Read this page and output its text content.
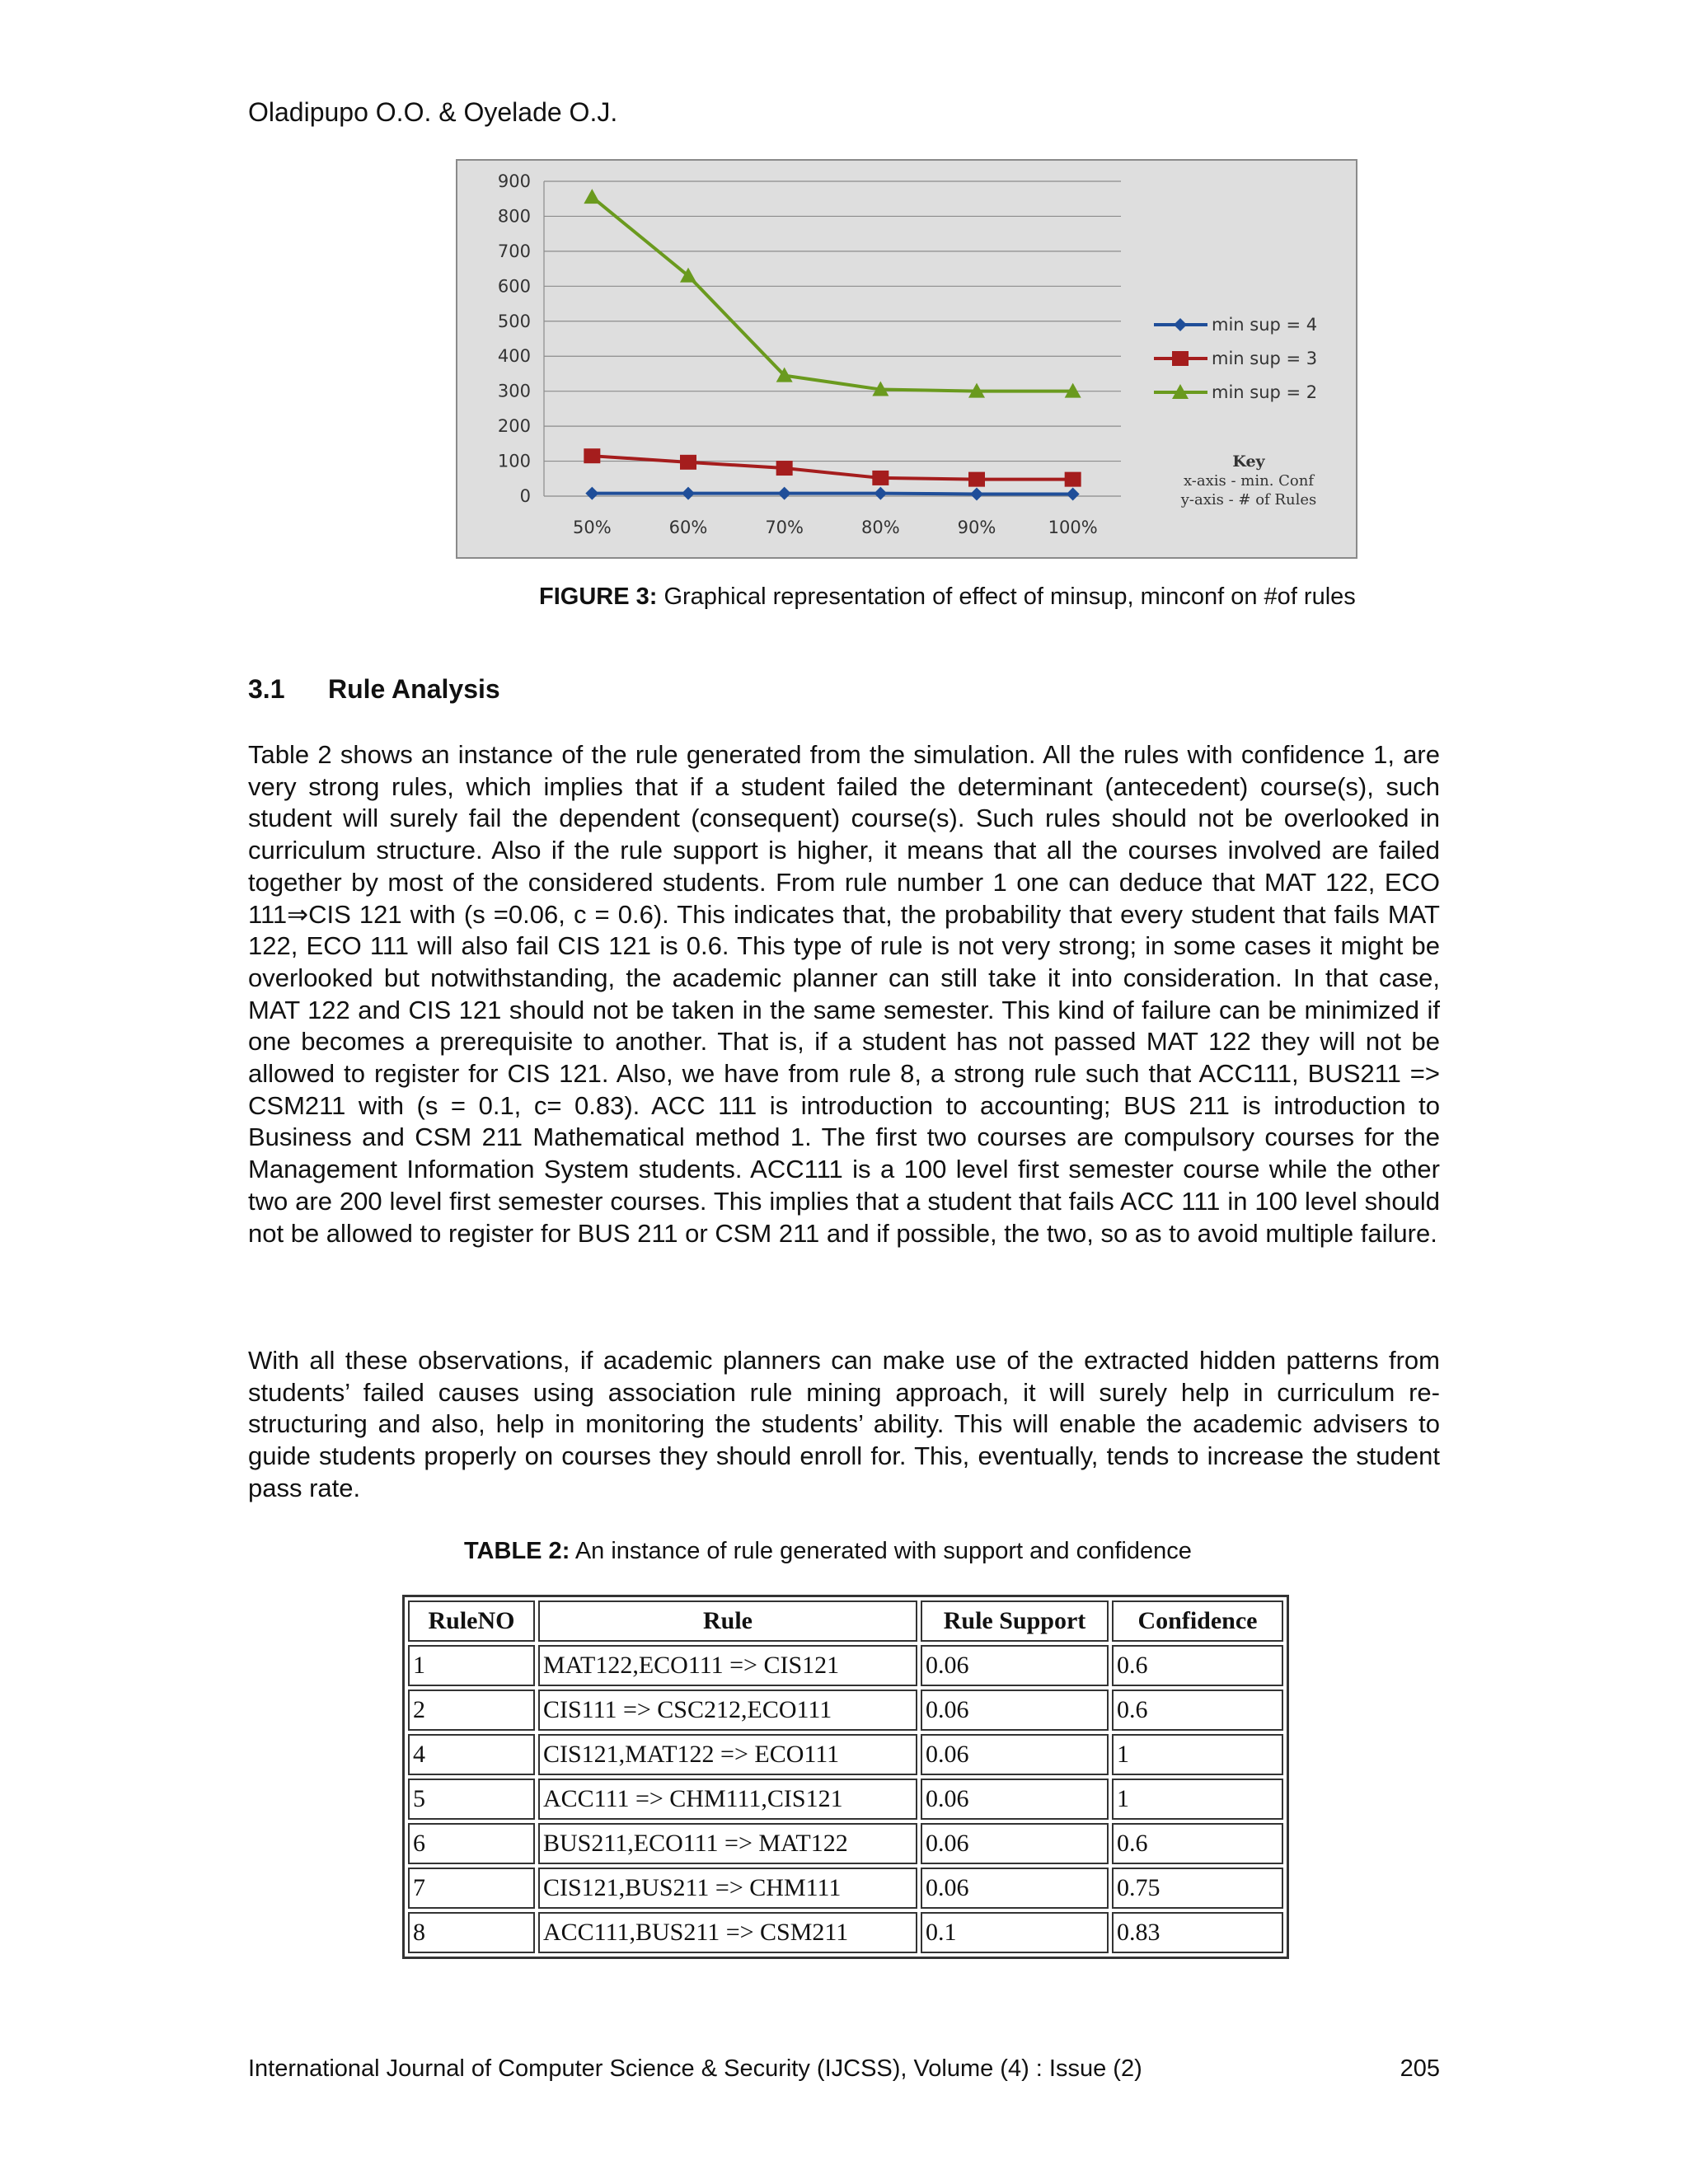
Oladipupo O.O. & Oyelade O.J.
900
800
700
600
500
400
300
200
100
0
50%	60%	70%	80%	90%	100%
min sup = 4
min sup = 3
min sup = 2
Key
x-axis - min. Conf
y-axis - # of Rules
FIGURE 3: Graphical representation of effect of minsup, minconf on #of rules
3.1 Rule Analysis

Table 2 shows an instance of the rule generated from the simulation. All the rules with confidence 1, are very strong rules, which implies that if a student failed the determinant (antecedent) course(s), such student will surely fail the dependent (consequent) course(s). Such rules should not be overlooked in curriculum structure. Also if the rule support is higher, it means that all the courses involved are failed together by most of the considered students. From rule number 1 one can deduce that MAT 122, ECO 111⇒CIS 121 with (s =0.06, c = 0.6). This indicates that, the probability that every student that fails MAT 122, ECO 111 will also fail CIS 121 is 0.6. This type of rule is not very strong; in some cases it might be overlooked but notwithstanding, the academic planner can still take it into consideration. In that case, MAT 122 and CIS 121 should not be taken in the same semester. This kind of failure can be minimized if one becomes a prerequisite to another. That is, if a student has not passed MAT 122 they will not be allowed to register for CIS 121. Also, we have from rule 8, a strong rule such that ACC111, BUS211 => CSM211 with (s = 0.1, c= 0.83). ACC 111 is introduction to accounting; BUS 211 is introduction to Business and CSM 211 Mathematical method 1. The first two courses are compulsory courses for the Management Information System students. ACC111 is a 100 level first semester course while the other two are 200 level first semester courses. This implies that a student that fails ACC 111 in 100 level should not be allowed to register for BUS 211 or CSM 211 and if possible, the two, so as to avoid multiple failure.

With all these observations, if academic planners can make use of the extracted hidden patterns from students’ failed causes using association rule mining approach, it will surely help in curriculum re-structuring and also, help in monitoring the students’ ability. This will enable the academic advisers to guide students properly on courses they should enroll for. This, eventually, tends to increase the student pass rate.

TABLE 2: An instance of rule generated with support and confidence
RuleNO	Rule	Rule Support	Confidence
1	MAT122,ECO111 => CIS121	0.06	0.6
2	CIS111 => CSC212,ECO111	0.06	0.6
4	CIS121,MAT122 => ECO111	0.06	1
5	ACC111 => CHM111,CIS121	0.06	1
6	BUS211,ECO111 => MAT122	0.06	0.6
7	CIS121,BUS211 => CHM111	0.06	0.75
8	ACC111,BUS211 => CSM211	0.1	0.83
International Journal of Computer Science & Security (IJCSS), Volume (4) : Issue (2)	205
